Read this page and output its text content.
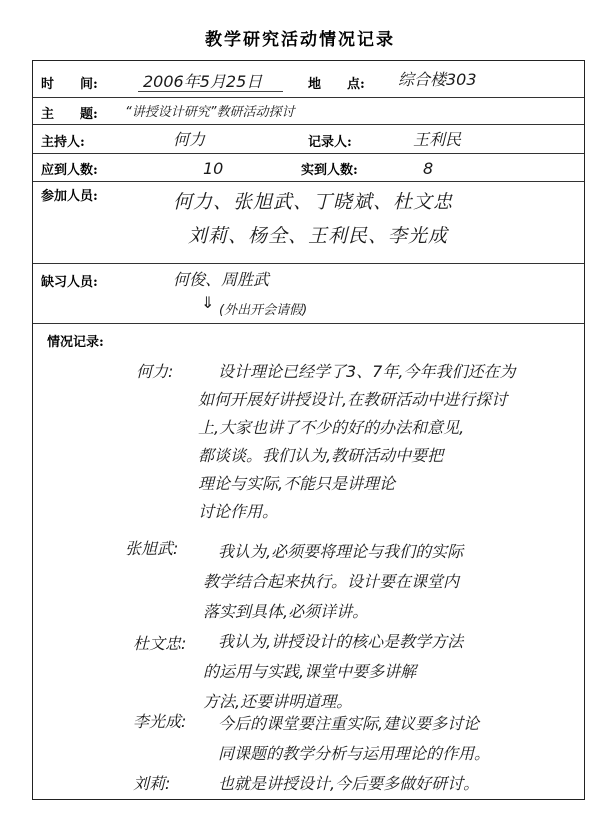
教学研究活动情况记录
时　　间:	2006年5月25日	地　　点: 综合楼303
主　　题: “讲授设计研究”教研活动探讨
主持人:	何力	记录人:	王利民
应到人数:	10	实到人数:	8
参加人员:	何力、张旭武、丁晓斌、杜文忠
刘莉、杨全、王利民、李光成
缺习人员:	何俊、周胜武
⇓ (外出开会请假)
情况记录:
何力:	设计理论已经学了3、7年,今年我们还在为
如何开展好讲授设计,在教研活动中进行探讨
上,大家也讲了不少的好的办法和意见,
都谈谈。我们认为,教研活动中要把
理论与实际,不能只是讲理论
讨论作用。
张旭武: 我认为,必须要将理论与我们的实际
教学结合起来执行。设计要在课堂内
落实到具体,必须详讲。
杜文忠: 我认为,讲授设计的核心是教学方法
的运用与实践,课堂中要多讲解
方法,还要讲明道理。
李光成: 今后的课堂要注重实际,建议要多讨论
同课题的教学分析与运用理论的作用。
刘莉:	也就是讲授设计,今后要多做好研讨。
